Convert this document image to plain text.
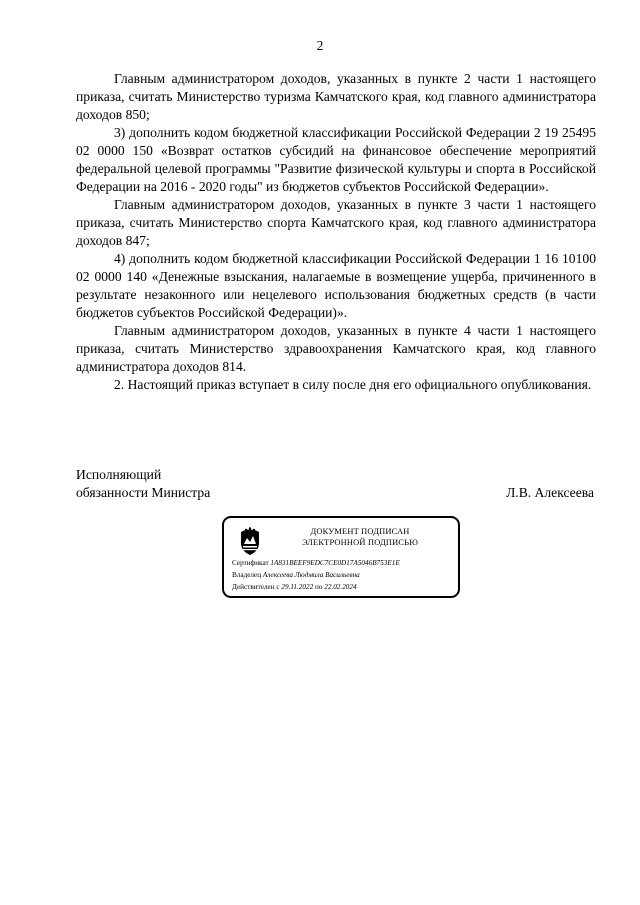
2

Главным администратором доходов, указанных в пункте 2 части 1 настоящего приказа, считать Министерство туризма Камчатского края, код главного администратора доходов 850;

3) дополнить кодом бюджетной классификации Российской Федерации 2 19 25495 02 0000 150 «Возврат остатков субсидий на финансовое обеспечение мероприятий федеральной целевой программы "Развитие физической культуры и спорта в Российской Федерации на 2016 - 2020 годы" из бюджетов субъектов Российской Федерации».

Главным администратором доходов, указанных в пункте 3 части 1 настоящего приказа, считать Министерство спорта Камчатского края, код главного администратора доходов 847;

4) дополнить кодом бюджетной классификации Российской Федерации 1 16 10100 02 0000 140 «Денежные взыскания, налагаемые в возмещение ущерба, причиненного в результате незаконного или нецелевого использования бюджетных средств (в части бюджетов субъектов Российской Федерации)».

Главным администратором доходов, указанных в пункте 4 части 1 настоящего приказа, считать Министерство здравоохранения Камчатского края, код главного администратора доходов 814.

2. Настоящий приказ вступает в силу после дня его официального опубликования.

Исполняющий
обязанности Министра	Л.В. Алексеева
ДОКУМЕНТ ПОДПИСАН
ЭЛЕКТРОННОЙ ПОДПИСЬЮ
Сертификат 1A831BEEF9EDC7CE0D17A5046B753E1E
Владелец Алексеева Людмила Васильевна
Действителен с 29.11.2022 по 22.02.2024
